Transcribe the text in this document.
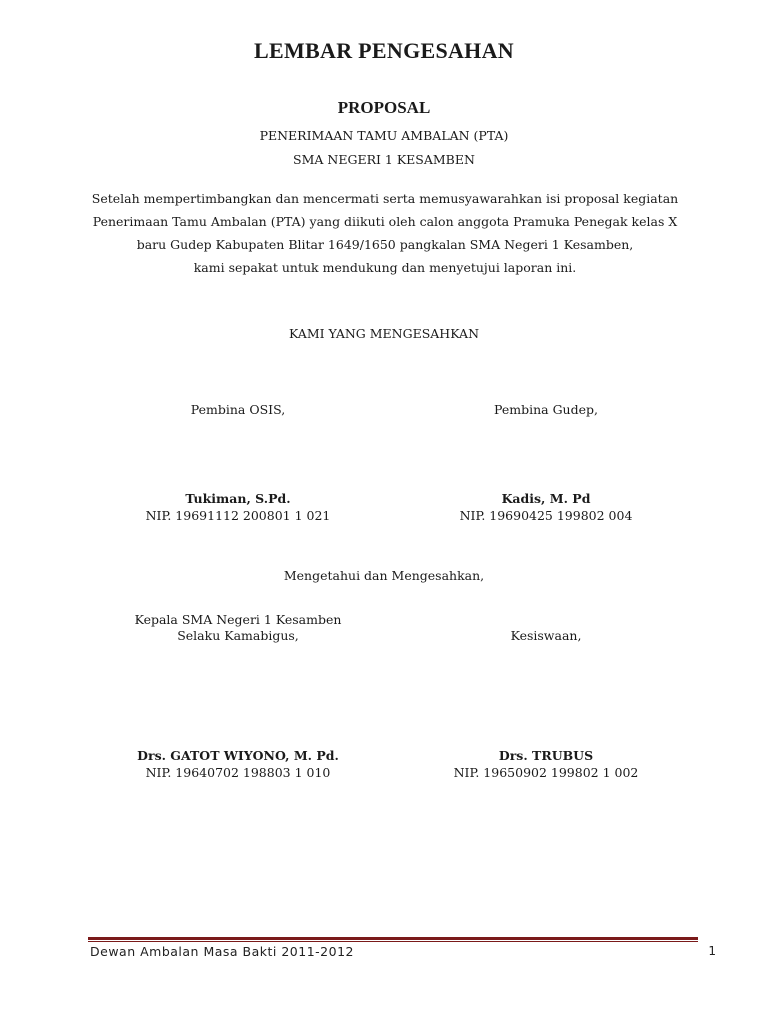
LEMBAR PENGESAHAN
PROPOSAL
PENERIMAAN TAMU AMBALAN (PTA)
SMA NEGERI 1 KESAMBEN
Setelah mempertimbangkan dan mencermati serta memusyawarahkan isi proposal kegiatan
Penerimaan Tamu Ambalan (PTA) yang diikuti oleh calon anggota Pramuka Penegak kelas X
baru Gudep Kabupaten Blitar 1649/1650 pangkalan SMA Negeri 1 Kesamben,
kami sepakat untuk mendukung dan menyetujui laporan ini.
KAMI YANG MENGESAHKAN
Pembina OSIS,	Pembina Gudep,
Tukiman, S.Pd.	Kadis, M. Pd
NIP. 19691112 200801 1 021	NIP. 19690425 199802 004
Mengetahui dan Mengesahkan,
Kepala SMA Negeri 1 Kesamben
Selaku Kamabigus,	Kesiswaan,
Drs. GATOT WIYONO, M. Pd.	Drs. TRUBUS
NIP. 19640702 198803 1 010	NIP. 19650902 199802 1 002
Dewan Ambalan Masa Bakti 2011-2012	1
